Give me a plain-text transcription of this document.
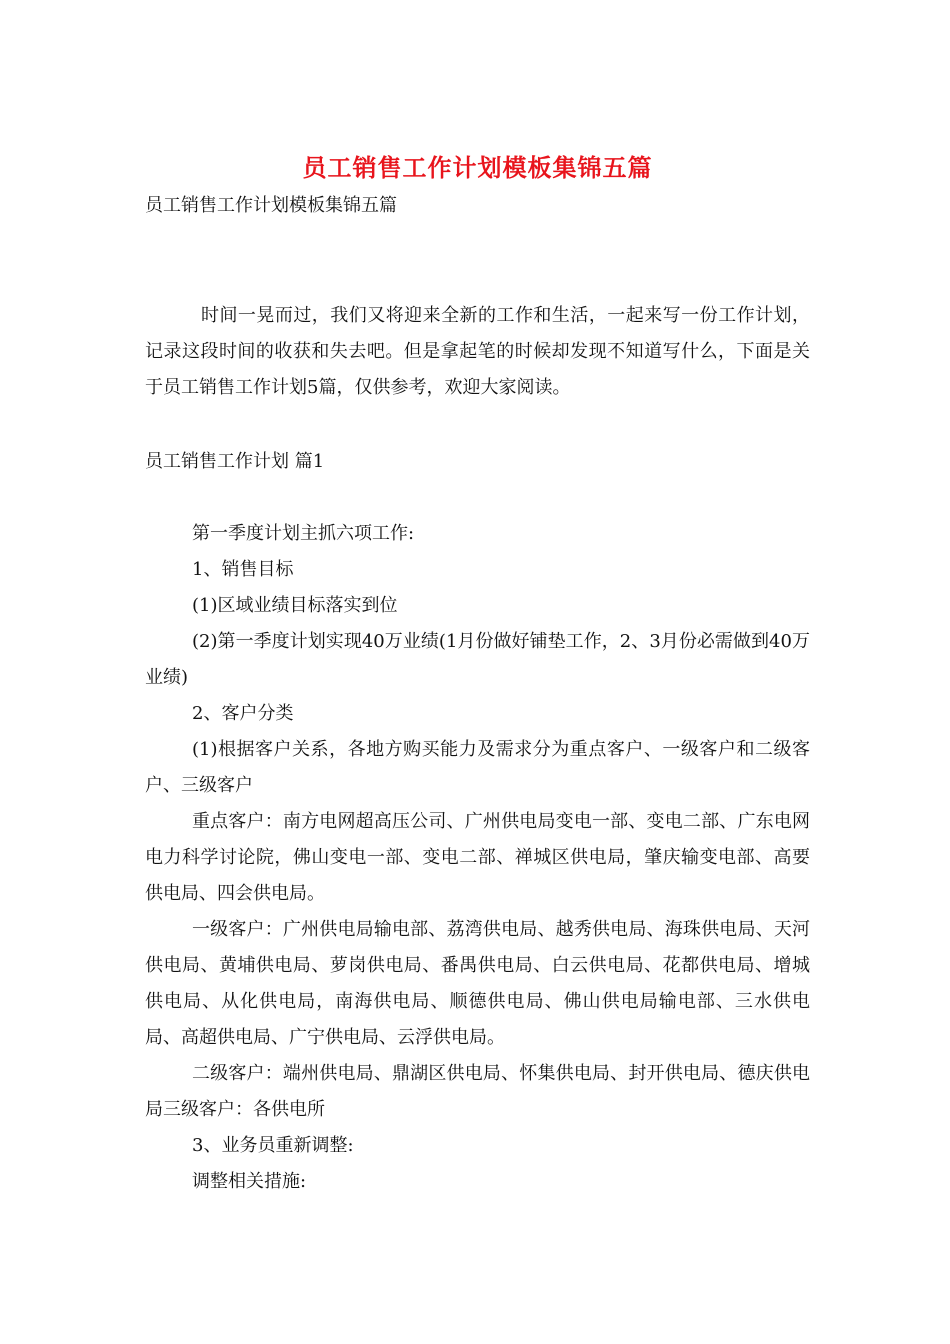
员工销售工作计划模板集锦五篇

员工销售工作计划模板集锦五篇

时间一晃而过，我们又将迎来全新的工作和生活，一起来写一份工作计划，记录这段时间的收获和失去吧。但是拿起笔的时候却发现不知道写什么，下面是关于员工销售工作计划5篇，仅供参考，欢迎大家阅读。

员工销售工作计划 篇1

第一季度计划主抓六项工作:

1、销售目标

(1)区域业绩目标落实到位

(2)第一季度计划实现40万业绩(1月份做好铺垫工作，2、3月份必需做到40万业绩)

2、客户分类

(1)根据客户关系，各地方购买能力及需求分为重点客户、一级客户和二级客户、三级客户

重点客户：南方电网超高压公司、广州供电局变电一部、变电二部、广东电网电力科学讨论院，佛山变电一部、变电二部、禅城区供电局，肇庆输变电部、高要供电局、四会供电局。

一级客户：广州供电局输电部、荔湾供电局、越秀供电局、海珠供电局、天河供电局、黄埔供电局、萝岗供电局、番禺供电局、白云供电局、花都供电局、增城供电局、从化供电局，南海供电局、顺德供电局、佛山供电局输电部、三水供电局、高超供电局、广宁供电局、云浮供电局。

二级客户：端州供电局、鼎湖区供电局、怀集供电局、封开供电局、德庆供电局三级客户：各供电所

3、业务员重新调整:

调整相关措施:
